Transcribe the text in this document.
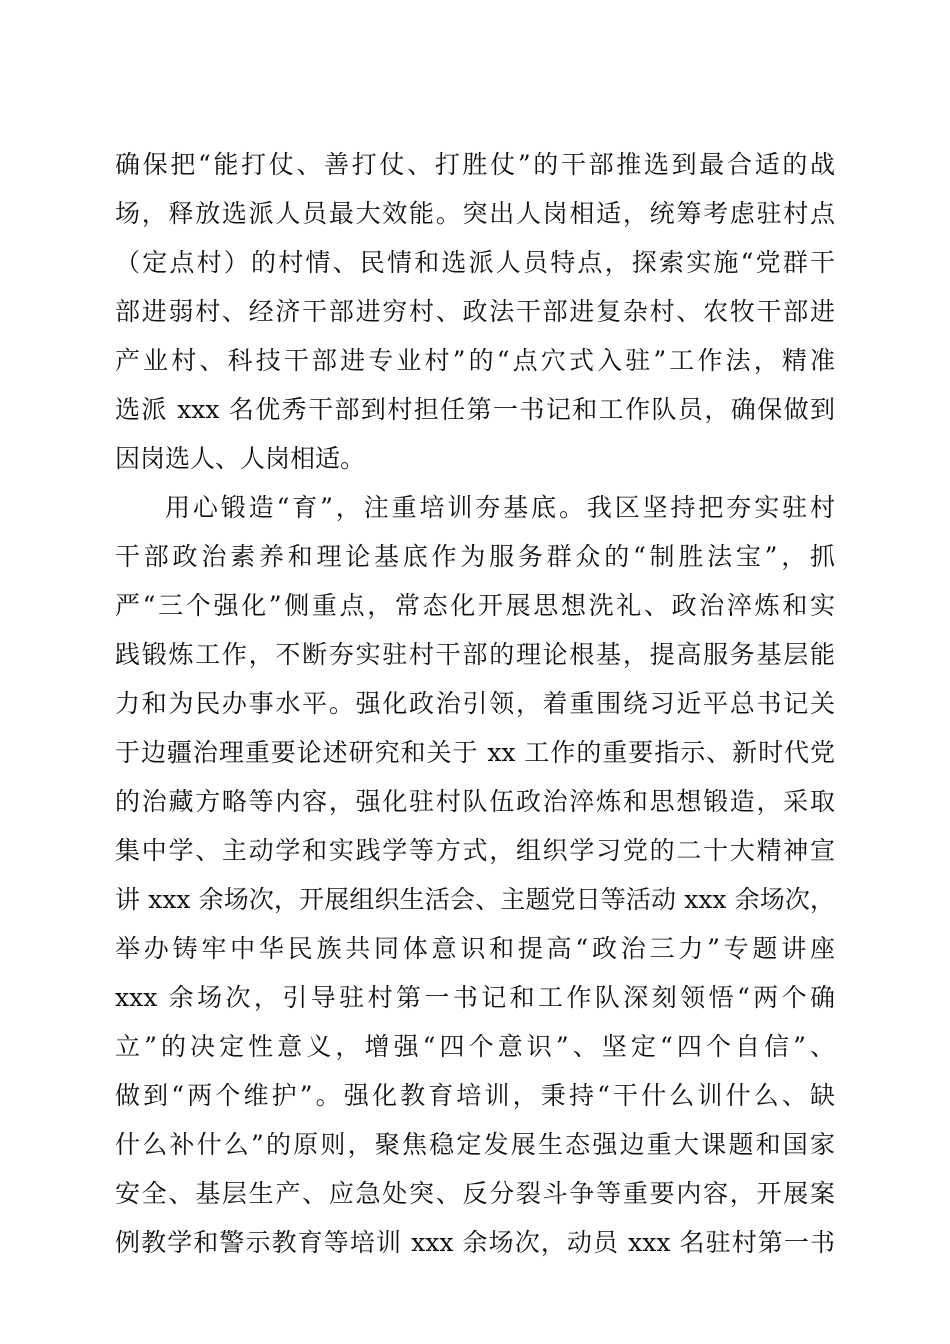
确保把“能打仗、善打仗、打胜仗”的干部推选到最合适的战
场，释放选派人员最大效能。突出人岗相适，统筹考虑驻村点
（定点村）的村情、民情和选派人员特点，探索实施“党群干
部进弱村、经济干部进穷村、政法干部进复杂村、农牧干部进
产业村、科技干部进专业村”的“点穴式入驻”工作法，精准
选派 xxx 名优秀干部到村担任第一书记和工作队员，确保做到
因岗选人、人岗相适。
用心锻造“育”，注重培训夯基底。我区坚持把夯实驻村
干部政治素养和理论基底作为服务群众的“制胜法宝”，抓
严“三个强化”侧重点，常态化开展思想洗礼、政治淬炼和实
践锻炼工作，不断夯实驻村干部的理论根基，提高服务基层能
力和为民办事水平。强化政治引领，着重围绕习近平总书记关
于边疆治理重要论述研究和关于 xx 工作的重要指示、新时代党
的治藏方略等内容，强化驻村队伍政治淬炼和思想锻造，采取
集中学、主动学和实践学等方式，组织学习党的二十大精神宣
讲 xxx 余场次，开展组织生活会、主题党日等活动 xxx 余场次，
举办铸牢中华民族共同体意识和提高“政治三力”专题讲座
xxx 余场次，引导驻村第一书记和工作队深刻领悟“两个确
立”的决定性意义，增强“四个意识”、坚定“四个自信”、
做到“两个维护”。强化教育培训，秉持“干什么训什么、缺
什么补什么”的原则，聚焦稳定发展生态强边重大课题和国家
安全、基层生产、应急处突、反分裂斗争等重要内容，开展案
例教学和警示教育等培训 xxx 余场次，动员 xxx 名驻村第一书
